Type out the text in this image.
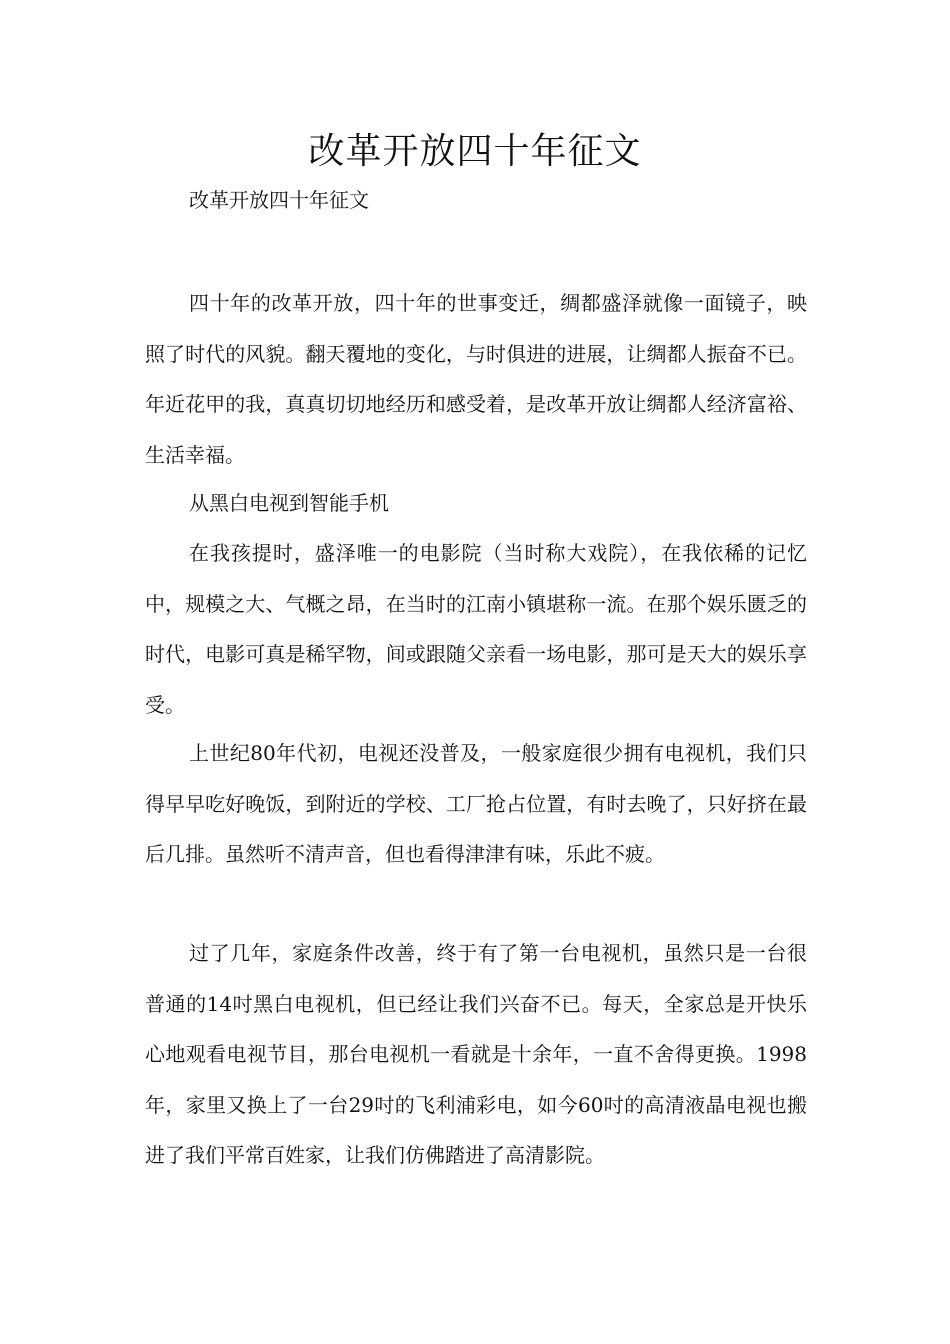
改革开放四十年征文

改革开放四十年征文

四十年的改革开放，四十年的世事变迁，绸都盛泽就像一面镜子，映照了时代的风貌。翻天覆地的变化，与时俱进的进展，让绸都人振奋不已。年近花甲的我，真真切切地经历和感受着，是改革开放让绸都人经济富裕、生活幸福。

从黑白电视到智能手机

在我孩提时，盛泽唯一的电影院（当时称大戏院），在我依稀的记忆中，规模之大、气概之昂，在当时的江南小镇堪称一流。在那个娱乐匮乏的时代，电影可真是稀罕物，间或跟随父亲看一场电影，那可是天大的娱乐享受。

上世纪80年代初，电视还没普及，一般家庭很少拥有电视机，我们只得早早吃好晚饭，到附近的学校、工厂抢占位置，有时去晚了，只好挤在最后几排。虽然听不清声音，但也看得津津有味，乐此不疲。

过了几年，家庭条件改善，终于有了第一台电视机，虽然只是一台很普通的14吋黑白电视机，但已经让我们兴奋不已。每天，全家总是开快乐心地观看电视节目，那台电视机一看就是十余年，一直不舍得更换。1998年，家里又换上了一台29吋的飞利浦彩电，如今60吋的高清液晶电视也搬进了我们平常百姓家，让我们仿佛踏进了高清影院。
